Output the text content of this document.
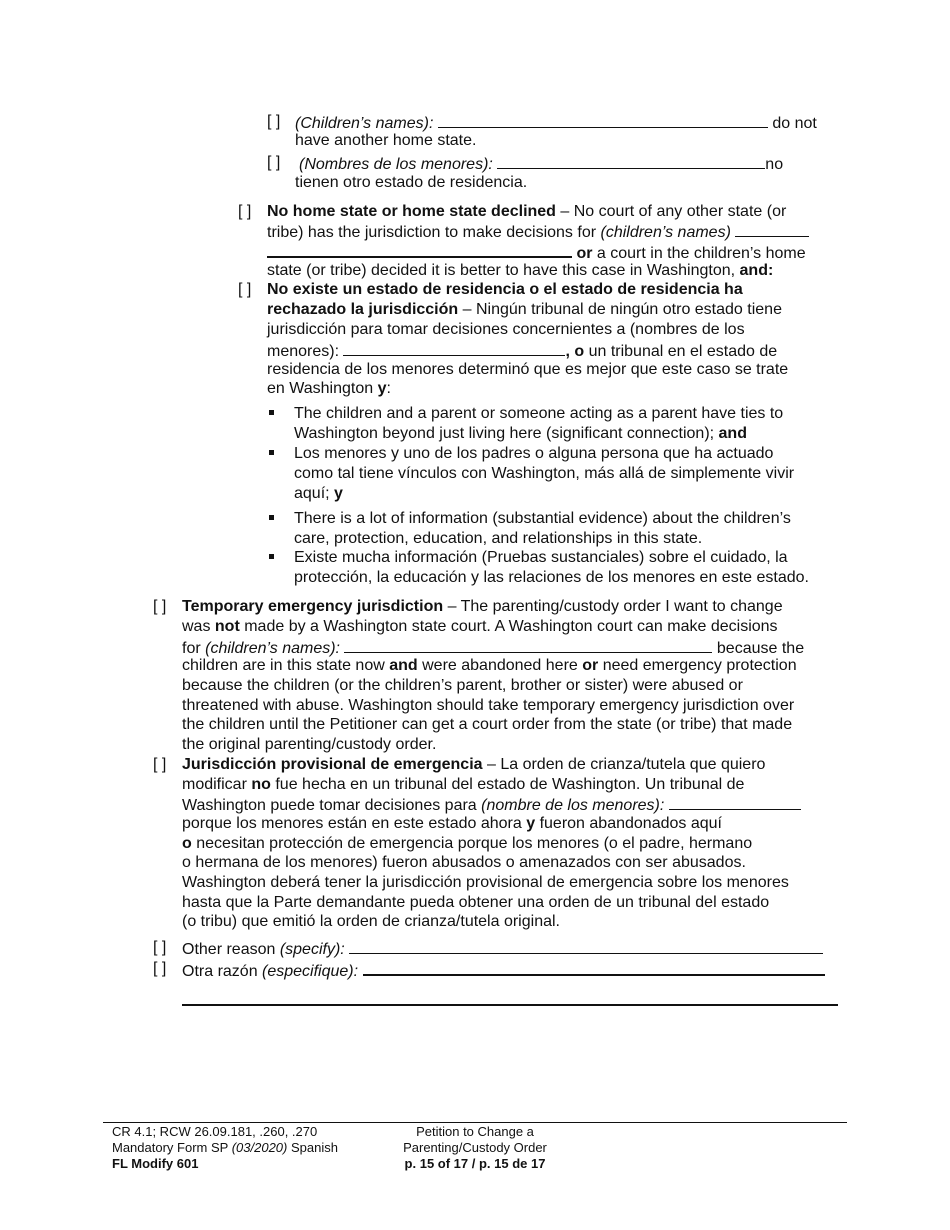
[ ] (Children’s names):	do not
have another home state.
[ ] (Nombres de los menores):	no
tienen otro estado de residencia.
[ ] No home state or home state declined – No court of any other state (or
tribe) has the jurisdiction to make decisions for (children’s names)
or a court in the children’s home
state (or tribe) decided it is better to have this case in Washington, and:
[ ] No existe un estado de residencia o el estado de residencia ha
rechazado la jurisdicción – Ningún tribunal de ningún otro estado tiene
jurisdicción para tomar decisiones concernientes a (nombres de los
menores):	, o un tribunal en el estado de
residencia de los menores determinó que es mejor que este caso se trate
en Washington y:
The children and a parent or someone acting as a parent have ties to
Washington beyond just living here (significant connection); and
Los menores y uno de los padres o alguna persona que ha actuado
como tal tiene vínculos con Washington, más allá de simplemente vivir
aquí; y
There is a lot of information (substantial evidence) about the children’s
care, protection, education, and relationships in this state.
Existe mucha información (Pruebas sustanciales) sobre el cuidado, la
protección, la educación y las relaciones de los menores en este estado.
[ ] Temporary emergency jurisdiction – The parenting/custody order I want to change
was not made by a Washington state court. A Washington court can make decisions
for (children’s names):	because the
children are in this state now and were abandoned here or need emergency protection
because the children (or the children’s parent, brother or sister) were abused or
threatened with abuse. Washington should take temporary emergency jurisdiction over
the children until the Petitioner can get a court order from the state (or tribe) that made
the original parenting/custody order.
[ ] Jurisdicción provisional de emergencia – La orden de crianza/tutela que quiero
modificar no fue hecha en un tribunal del estado de Washington. Un tribunal de
Washington puede tomar decisiones para (nombre de los menores):
porque los menores están en este estado ahora y fueron abandonados aquí
o necesitan protección de emergencia porque los menores (o el padre, hermano
o hermana de los menores) fueron abusados o amenazados con ser abusados.
Washington deberá tener la jurisdicción provisional de emergencia sobre los menores
hasta que la Parte demandante pueda obtener una orden de un tribunal del estado
(o tribu) que emitió la orden de crianza/tutela original.
[ ] Other reason (specify):
[ ] Otra razón (especifique):
CR 4.1; RCW 26.09.181, .260, .270
Mandatory Form SP (03/2020) Spanish
FL Modify 601
Petition to Change a
Parenting/Custody Order
p. 15 of 17 / p. 15 de 17
